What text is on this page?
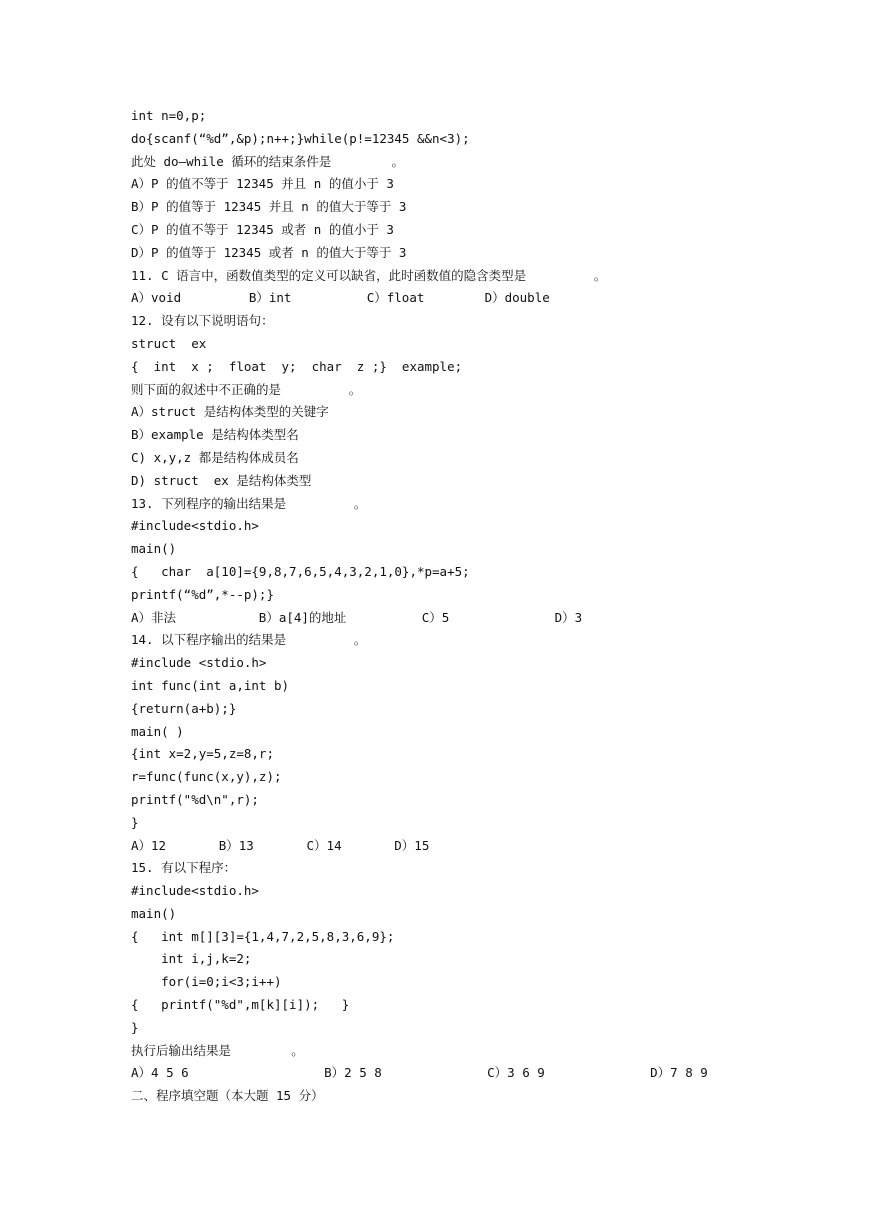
int n=0,p;
do{scanf(“%d”,&p);n++;}while(p!=12345 &&n<3);
此处 do—while 循环的结束条件是        。
A）P 的值不等于 12345 并且 n 的值小于 3
B）P 的值等于 12345 并且 n 的值大于等于 3
C）P 的值不等于 12345 或者 n 的值小于 3
D）P 的值等于 12345 或者 n 的值大于等于 3
11. C 语言中，函数值类型的定义可以缺省，此时函数值的隐含类型是         。
A）void         B）int          C）float        D）double
12. 设有以下说明语句：
struct  ex
{  int  x ;  float  y;  char  z ;}  example;
则下面的叙述中不正确的是         。
A）struct 是结构体类型的关键字
B）example 是结构体类型名
C) x,y,z 都是结构体成员名
D) struct  ex 是结构体类型
13. 下列程序的输出结果是         。
#include<stdio.h>
main()
{   char  a[10]={9,8,7,6,5,4,3,2,1,0},*p=a+5;
printf(“%d”,*--p);}
A）非法           B）a[4]的地址          C）5              D）3
14. 以下程序输出的结果是         。
#include <stdio.h>
int func(int a,int b)
{return(a+b);}
main( )
{int x=2,y=5,z=8,r;
r=func(func(x,y),z);
printf("%d\n",r);
}
A）12       B）13       C）14       D）15
15. 有以下程序：
#include<stdio.h>
main()
{   int m[][3]={1,4,7,2,5,8,3,6,9};
int i,j,k=2;
for(i=0;i<3;i++)
{   printf("%d",m[k][i]);   }
}
执行后输出结果是        。
A）4 5 6                  B）2 5 8              C）3 6 9              D）7 8 9
二、程序填空题（本大题 15 分）
